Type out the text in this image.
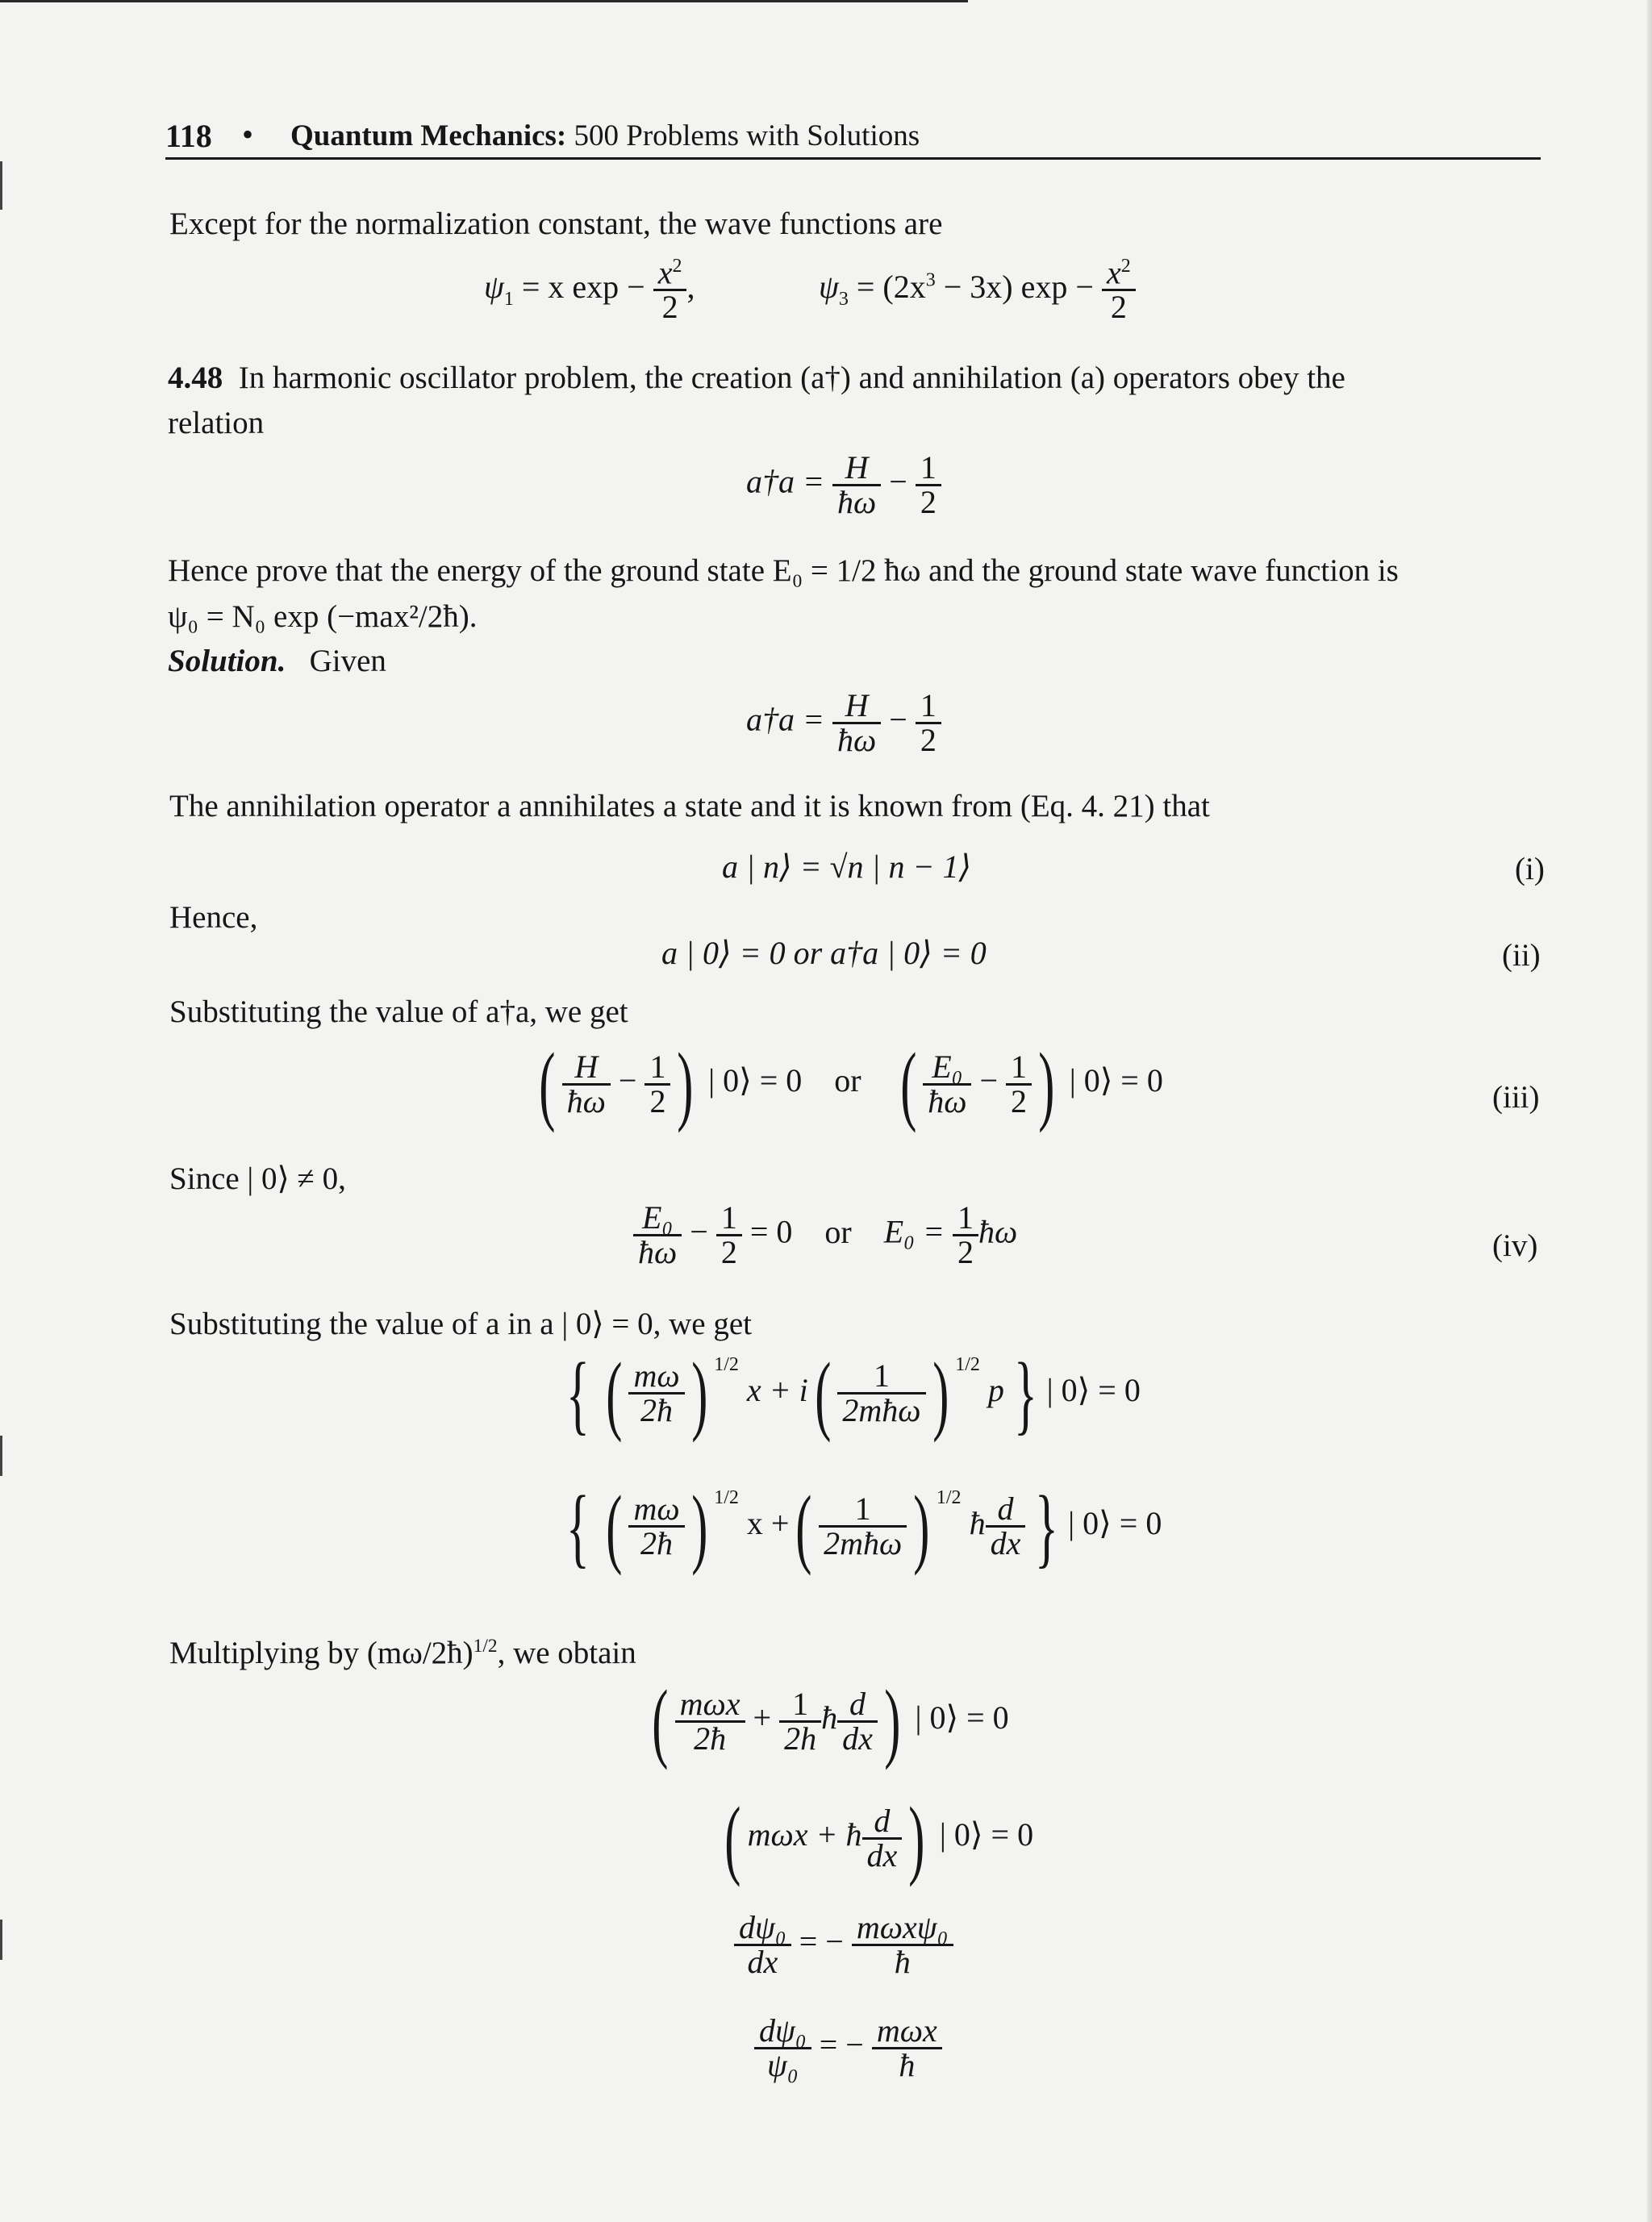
118 • Quantum Mechanics: 500 Problems with Solutions
Except for the normalization constant, the wave functions are
$\psi_1 = x$ $\exp - \frac{x^2}{2}$ ,	$\psi_3 = (2x^3 - 3x) \exp - \frac{x^2}{2}$
4.48 In harmonic oscillator problem, the creation (a†) and annihilation (a) operators obey the
relation
a†a = $\frac{H}{ħ\omega} - \frac{1}{2}$
Hence prove that the energy of the ground state E₀ = 1/2 ħω and the ground state wave function is
ψ₀ = N₀ exp (−max²/2ħ).
Solution. Given
a†a = $\frac{H}{ħ\omega} - \frac{1}{2}$
The annihilation operator a annihilates a state and it is known from (Eq. 4. 21) that
a | n⟩ = √n | n − 1⟩	(i)
Hence,
a | 0⟩ = 0 or a†a | 0⟩ = 0	(ii)
Substituting the value of a†a, we get
( $\frac{H}{ħ\omega} - \frac{1}{2}$ ) | 0⟩ = 0 or ( $\frac{\text{E₀}}{ħ\omega} - \frac{1}{2}$ ) | 0⟩ = 0	(iii)
Since | 0⟩ ≠ 0,
$\frac{\text{E₀}}{ħ\omega} - \frac{1}{2} = 0$ or $E_0 = \frac{1}{2}$ ħω	(iv)
Substituting the value of a in a | 0⟩ = 0, we get
{ ( $\frac{m\omega}{2ħ}$ ) $^{1/2}$ $x + i( \frac{1}{\text{2mħω}}$ ) $^{1/2}$ p } | 0⟩ = 0
{ ( $\frac{m\omega}{2ħ}$ ) $^{1/2}$ x +( $\frac{1}{\text{2mħω}}$ ) $^{1/2}$ ħ $\frac{d}{dx}$ } | 0⟩ = 0
Multiplying by (mω/2ħ)$^{1/2}$, we obtain
( $\frac{\text{mωx}}{2ħ} + \frac{1}{2h}$ ħ $\frac{d}{dx}$ ) | 0⟩ = 0
( mωx + ħ $\frac{d}{dx}$ ) | 0⟩ = 0
$\frac{\text{dψ₀}}{dx}$ = − $\frac{\text{mωxψ₀}}{ħ}$
$\frac{\text{dψ₀}}{\text{ψ₀}}$ = − $\frac{\text{mωx}}{ħ}$
